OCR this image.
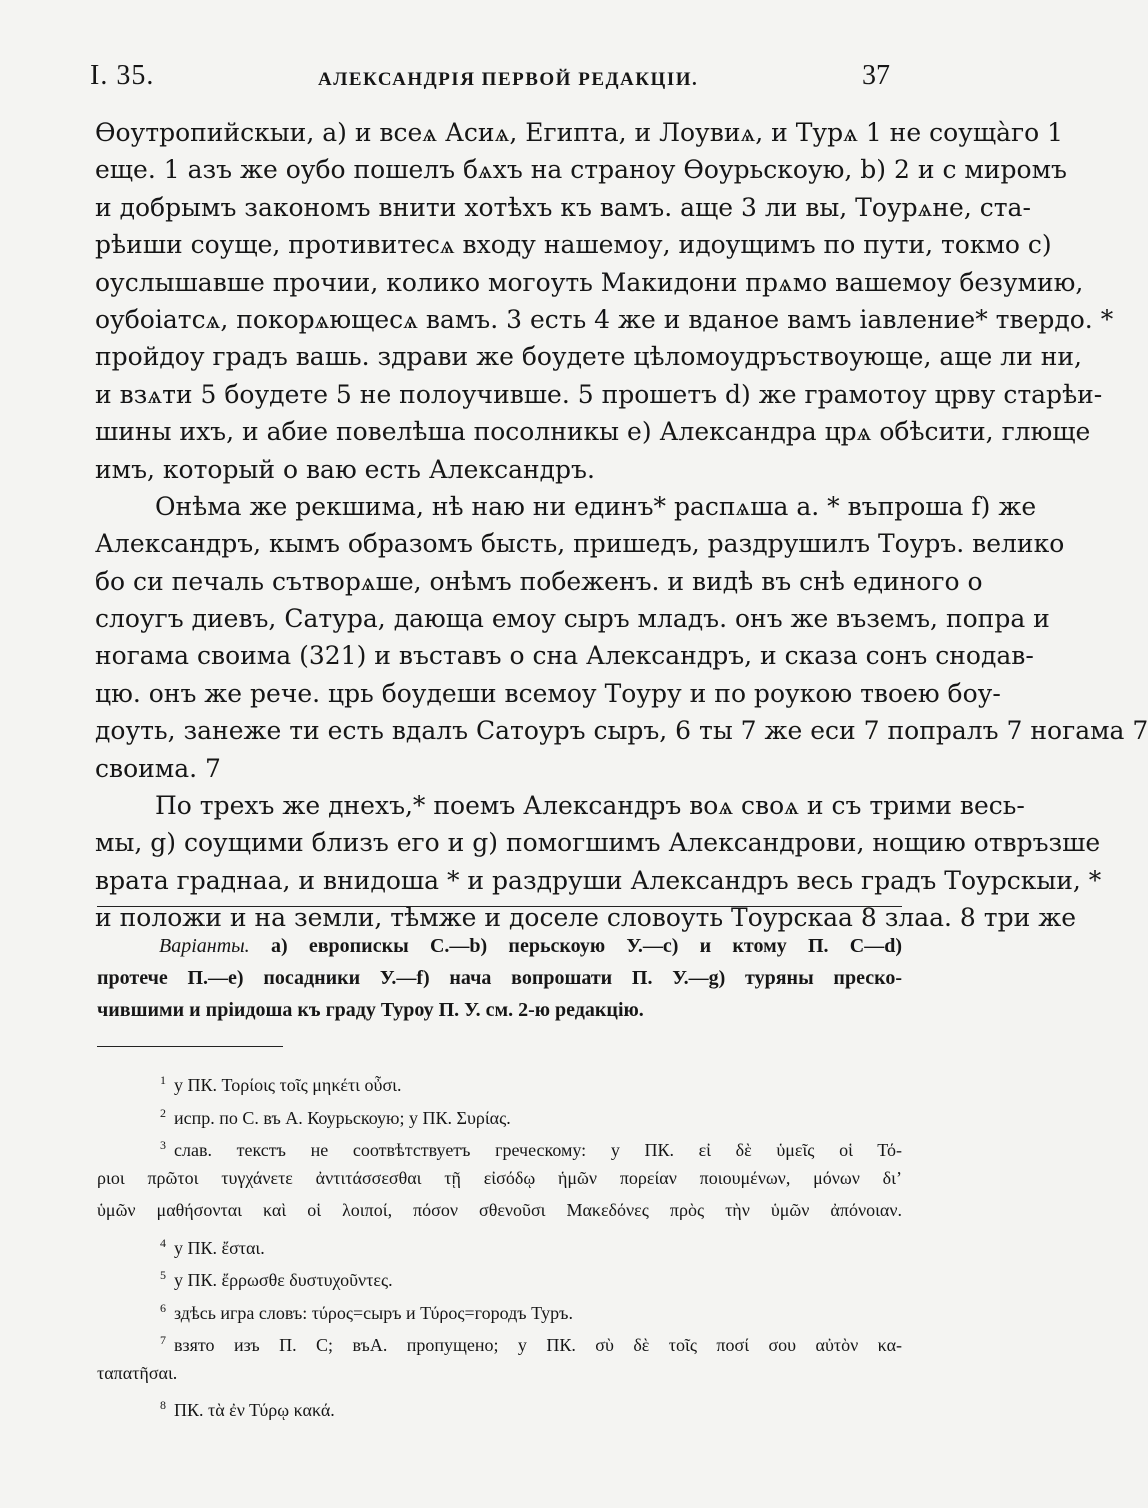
I. 35.	АЛЕКСАНДРІЯ ПЕРВОЙ РЕДАКЦІИ.	37
Ѳоутропийскыи, a) и всеѧ Асиѧ, Египта, и Лоувиѧ, и Турѧ 1 не соуща̀го 1
еще. 1 азъ же оубо пошелъ бѧхъ на страноу Ѳоурьскоую, b) 2 и с миромъ
и добрымъ закономъ внити хотѣхъ къ вамъ. аще 3 ли вы, Тоурѧне, ста-
рѣиши соуще, противитесѧ входу нашемоу, идоущимъ по пути, токмо c)
оуслышавше прочии, колико могоуть Макидони прѧмо вашемоу безумию,
оубоiатсѧ, покорѧющесѧ вамъ. 3 есть 4 же и вданое вамъ iавление* твердо. *
пройдоу градъ вашь. здрави же боудете цѣломоудръствоующе, аще ли ни,
и взѧти 5 боудете 5 не полоучивше. 5 прошетъ d) же грамотоу црву старѣи-
шины ихъ, и абие повелѣша посолникы e) Александра црѧ обѣсити, глюще
имъ, который о ваю есть Александръ.
Онѣма же рекшима, нѣ наю ни единъ* распѧша а. * въпроша f) же
Александръ, кымъ образомъ бысть, пришедъ, раздрушилъ Тоуръ. велико
бо си печаль сътворѧше, онѣмъ побеженъ. и видѣ въ снѣ единого о
слоугъ диевъ, Сатура, дающа емоу сыръ младъ. онъ же въземъ, попра и
ногама своима (321) и въставъ о сна Александръ, и сказа сонъ снодав-
цю. онъ же рече. црь боудеши всемоу Тоуру и по роукою твоею боу-
доуть, занеже ти есть вдалъ Сатоуръ сыръ, 6 ты 7 же еси 7 попралъ 7 ногама 7
своима. 7
По трехъ же днехъ,* поемъ Александръ воѧ своѧ и съ трими весь-
мы, g) соущими близъ его и g) помогшимъ Александрови, нощию отвръзше
врата граднаа, и внидоша * и раздруши Александръ весь градъ Тоурскыи, *
и положи и на земли, тѣмже и доселе словоуть Тоурскаа 8 злаа. 8 три же
Варiанты. а) европискы С.—b) перьскоую У.—c) и ктому П. С—d)
протече П.—e) посадники У.—f) нача вопрошати П. У.—g) туряны преско-
чившими и прiидоша къ граду Туроу П. У. см. 2-ю редакцiю.
$^1$ у ПК. Τορίοις τοῖς μηκέτι οὖσι.
$^2$ испр. по С. въ А. Коурьскоую; у ПК. Συρίας.
$^3$ слав. текстъ не соотвѣтствуетъ греческому: у ПК. εἰ δὲ ὑμεῖς οἱ Τό-
ριοι πρῶτοι τυγχάνετε ἀντιτάσσεσθαι τῇ εἰσόδῳ ἡμῶν πορείαν ποιουμένων, μόνων δι’
ὑμῶν μαθήσονται καὶ οἱ λοιποί, πόσον σθενοῦσι Μακεδόνες πρὸς τὴν ὑμῶν ἀπόνοιαν.
$^4$ у ПК. ἔσται.
$^5$ у ПК. ἔρρωσθε δυστυχοῦντες.
$^6$ здѣсь игра словъ: τύρος=сыръ и Τύρος=городъ Туръ.
$^7$ взято изъ П. С; въА. пропущено; у ПК. σὺ δὲ τοῖς ποσί σου αὐτὸν κα-
ταπατῆσαι.
$^8$ ПК. τὰ ἐν Τύρῳ κακά.
